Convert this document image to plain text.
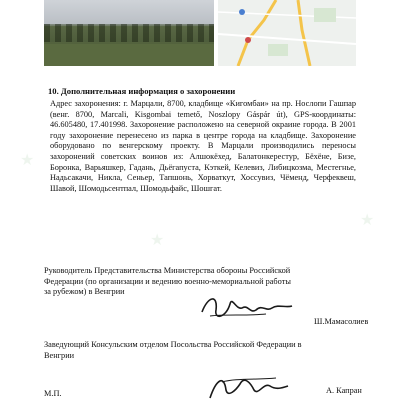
★
★
★

10. Дополнительная информация о захоронении

Адрес захоронения: г. Марцали, 8700, кладбище «Кигомбаи» на пр. Нослопи Гашпар (венг. 8700, Marcali, Kisgombai temető, Noszlopy Gáspár út), GPS-координаты: 46.605480, 17.401998. Захоронение расположено на северной окраине города. В 2001 году захоронение перенесено из парка в центре города на кладбище. Захоронение оборудовано по венгерскому проекту. В Марцали производились переносы захоронений советских воинов из: Алшокёхед, Балатонкерестур, Бёхёне, Бизе, Боронка, Варьяшкер, Гадань, Дьёгапуста, Кэткей, Келевиз, Либицкозма, Местегнье, Надьсакачи, Никла, Сеньер, Тапшонь, Хорваткут, Хоссувиз, Чёменд, Черфеквеш, Шавой, Шомодьсентпал, Шомодьфайс, Шошгат.

Руководитель Представительства Министерства обороны Российской Федерации (по организации и ведению военно-мемориальной работы за рубежом) в Венгрии

Ш.Мамасолиев

Заведующий Консульским отделом Посольства Российской Федерации в Венгрии

М.П.	А. Капран
